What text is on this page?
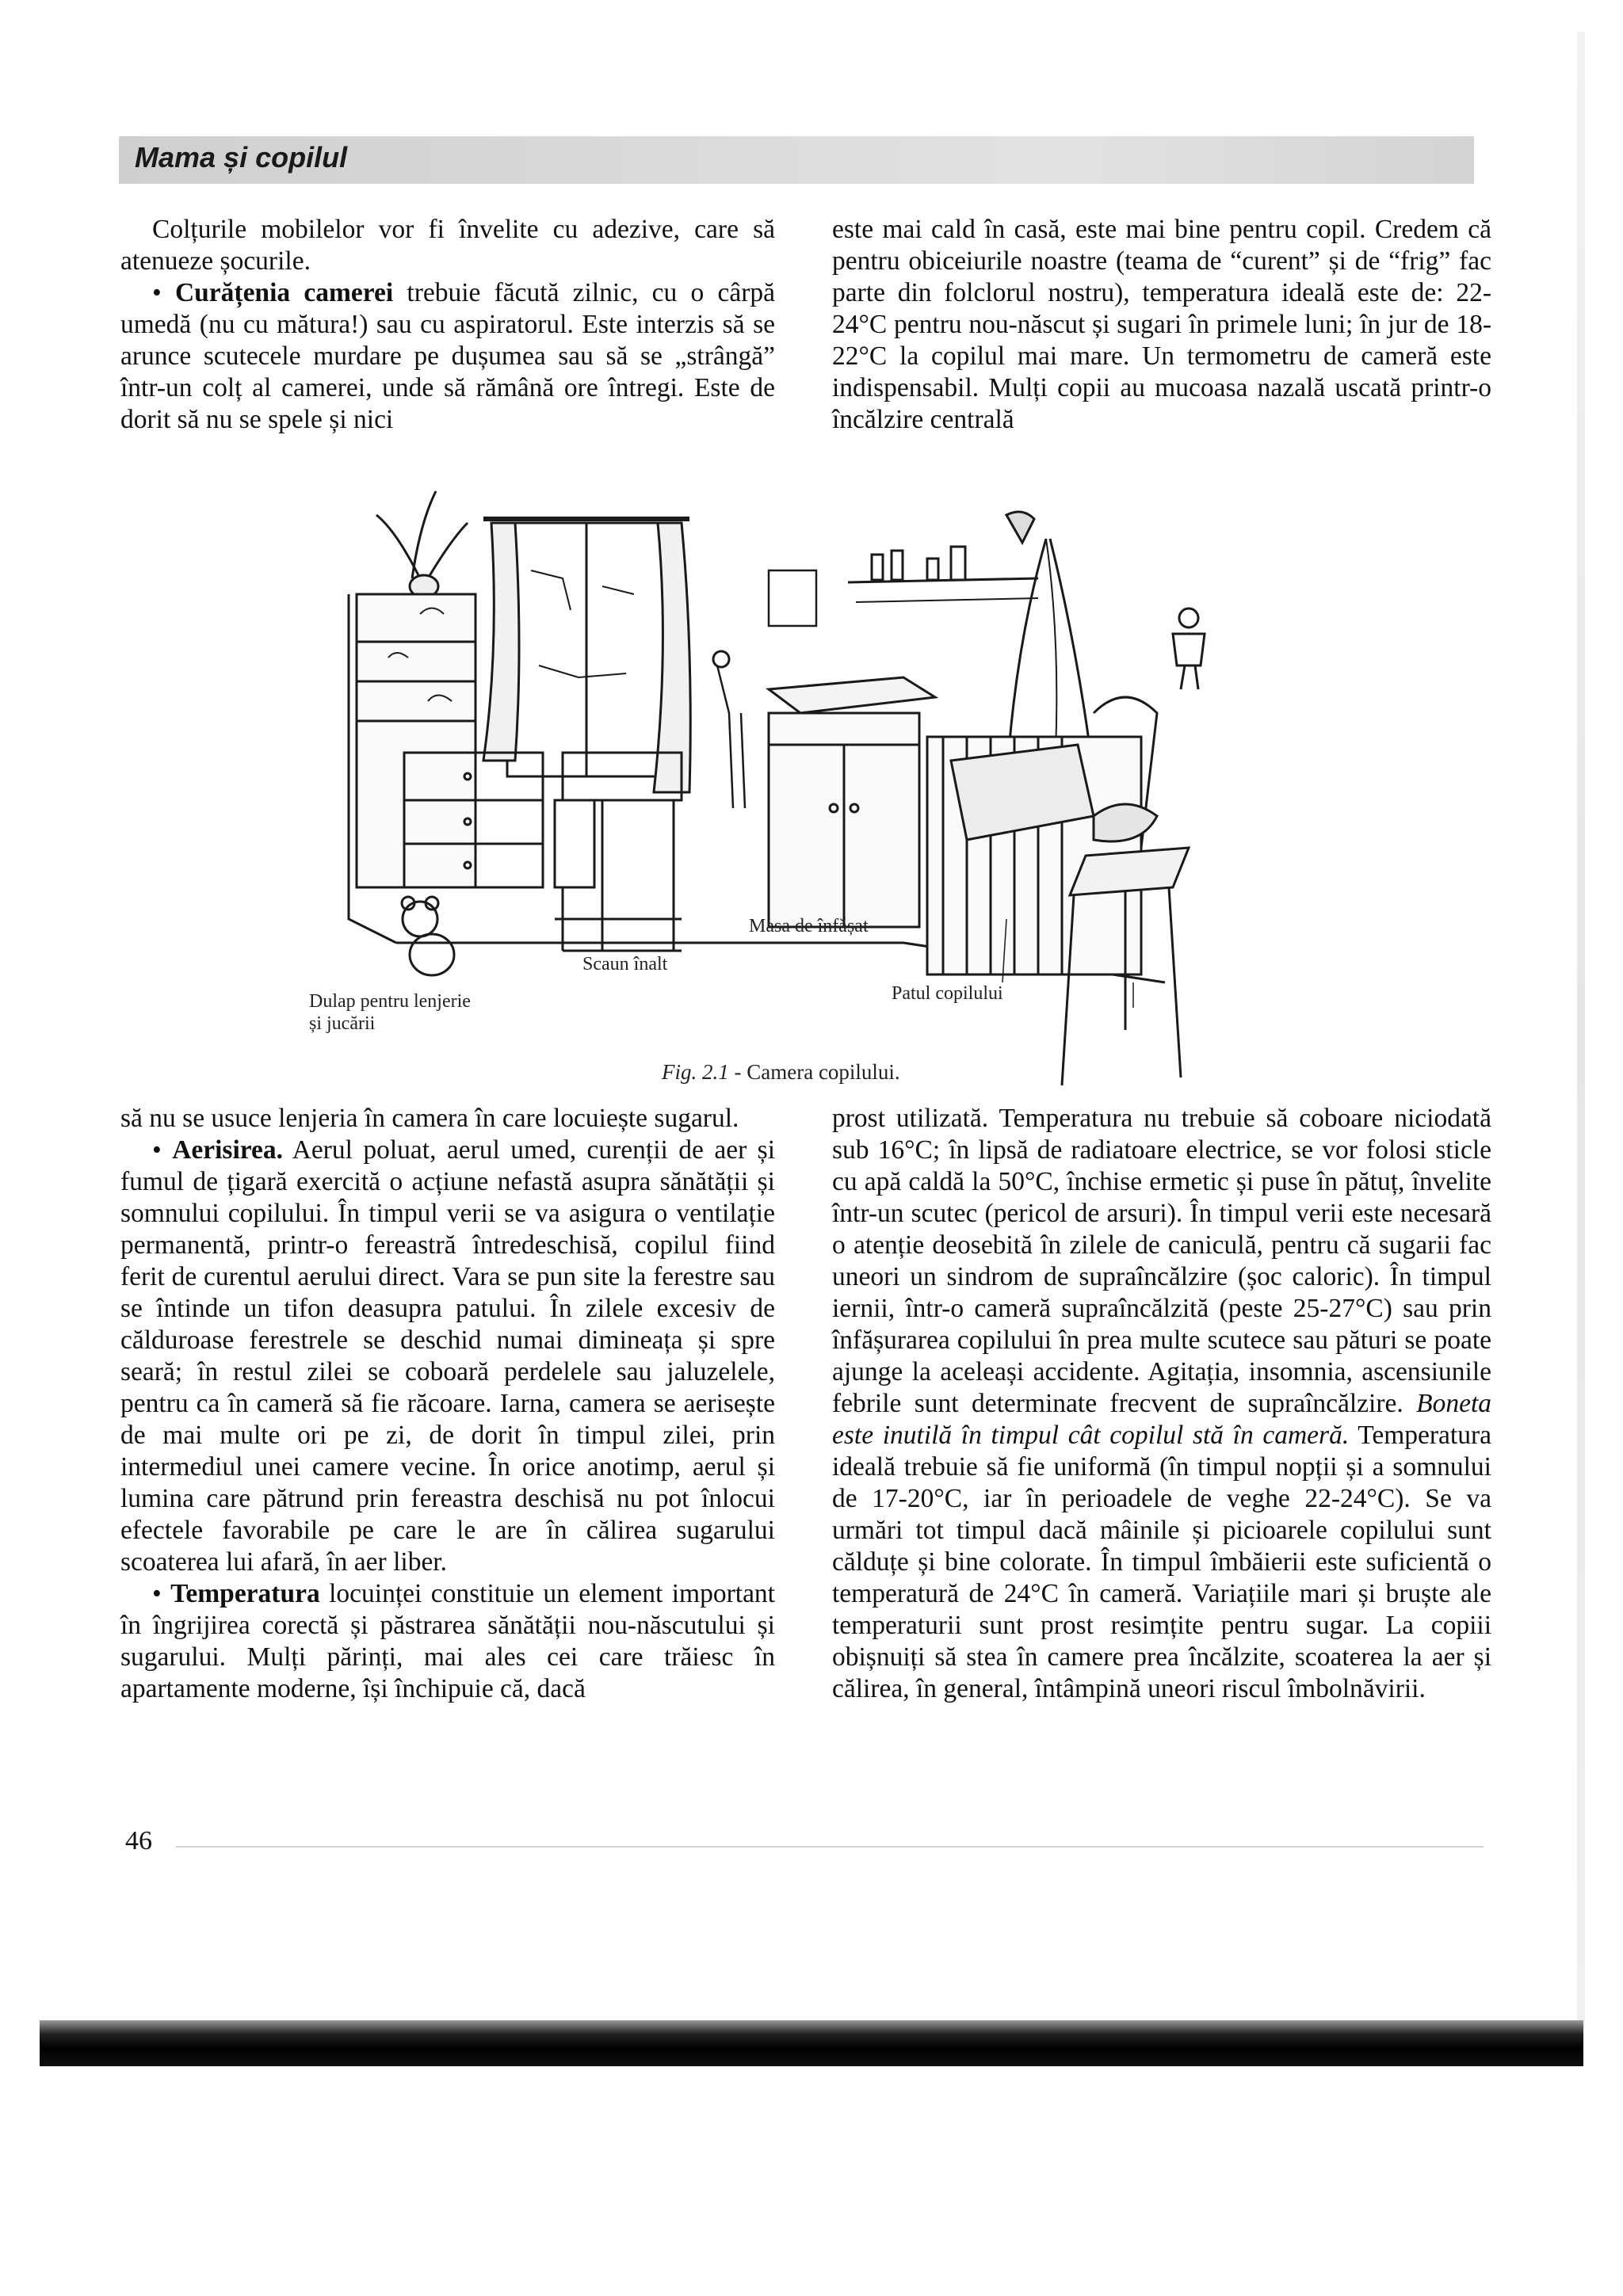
Mama și copilul

Colțurile mobilelor vor fi învelite cu adezive, care să atenueze șocurile.

• Curățenia camerei trebuie făcută zilnic, cu o cârpă umedă (nu cu mătura!) sau cu aspiratorul. Este interzis să se arunce scutecele murdare pe dușumea sau să se „strângă” într-un colț al camerei, unde să rămână ore întregi. Este de dorit să nu se spele și nici

este mai cald în casă, este mai bine pentru copil. Credem că pentru obiceiurile noastre (teama de “curent” și de “frig” fac parte din folclorul nostru), temperatura ideală este de: 22-24°C pentru nou-născut și sugari în primele luni; în jur de 18-22°C la copilul mai mare. Un termometru de cameră este indispensabil. Mulți copii au mucoasa nazală uscată printr-o încălzire centrală

Dulap pentru lenjerie și jucării
Scaun înalt
Masa de înfășat
Patul copilului
Fig. 2.1 - Camera copilului.

să nu se usuce lenjeria în camera în care locuiește sugarul.

• Aerisirea. Aerul poluat, aerul umed, curenții de aer și fumul de țigară exercită o acțiune nefastă asupra sănătății și somnului copilului. În timpul verii se va asigura o ventilație permanentă, printr-o fereastră întredeschisă, copilul fiind ferit de curentul aerului direct. Vara se pun site la ferestre sau se întinde un tifon deasupra patului. În zilele excesiv de călduroase ferestrele se deschid numai dimineața și spre seară; în restul zilei se coboară perdelele sau jaluzelele, pentru ca în cameră să fie răcoare. Iarna, camera se aerisește de mai multe ori pe zi, de dorit în timpul zilei, prin intermediul unei camere vecine. În orice anotimp, aerul și lumina care pătrund prin fereastra deschisă nu pot înlocui efectele favorabile pe care le are în călirea sugarului scoaterea lui afară, în aer liber.

• Temperatura locuinței constituie un element important în îngrijirea corectă și păstrarea sănătății nou-născutului și sugarului. Mulți părinți, mai ales cei care trăiesc în apartamente moderne, își închipuie că, dacă

prost utilizată. Temperatura nu trebuie să coboare niciodată sub 16°C; în lipsă de radiatoare electrice, se vor folosi sticle cu apă caldă la 50°C, închise ermetic și puse în pătuț, învelite într-un scutec (pericol de arsuri). În timpul verii este necesară o atenție deosebită în zilele de caniculă, pentru că sugarii fac uneori un sindrom de supraîncălzire (șoc caloric). În timpul iernii, într-o cameră supraîncălzită (peste 25-27°C) sau prin înfășurarea copilului în prea multe scutece sau pături se poate ajunge la aceleași accidente. Agitația, insomnia, ascensiunile febrile sunt determinate frecvent de supraîncălzire. Boneta este inutilă în timpul cât copilul stă în cameră. Temperatura ideală trebuie să fie uniformă (în timpul nopții și a somnului de 17-20°C, iar în perioadele de veghe 22-24°C). Se va urmări tot timpul dacă mâinile și picioarele copilului sunt călduțe și bine colorate. În timpul îmbăierii este suficientă o temperatură de 24°C în cameră. Variațiile mari și bruște ale temperaturii sunt prost resimțite pentru sugar. La copiii obișnuiți să stea în camere prea încălzite, scoaterea la aer și călirea, în general, întâmpină uneori riscul îmbolnăvirii.

46
